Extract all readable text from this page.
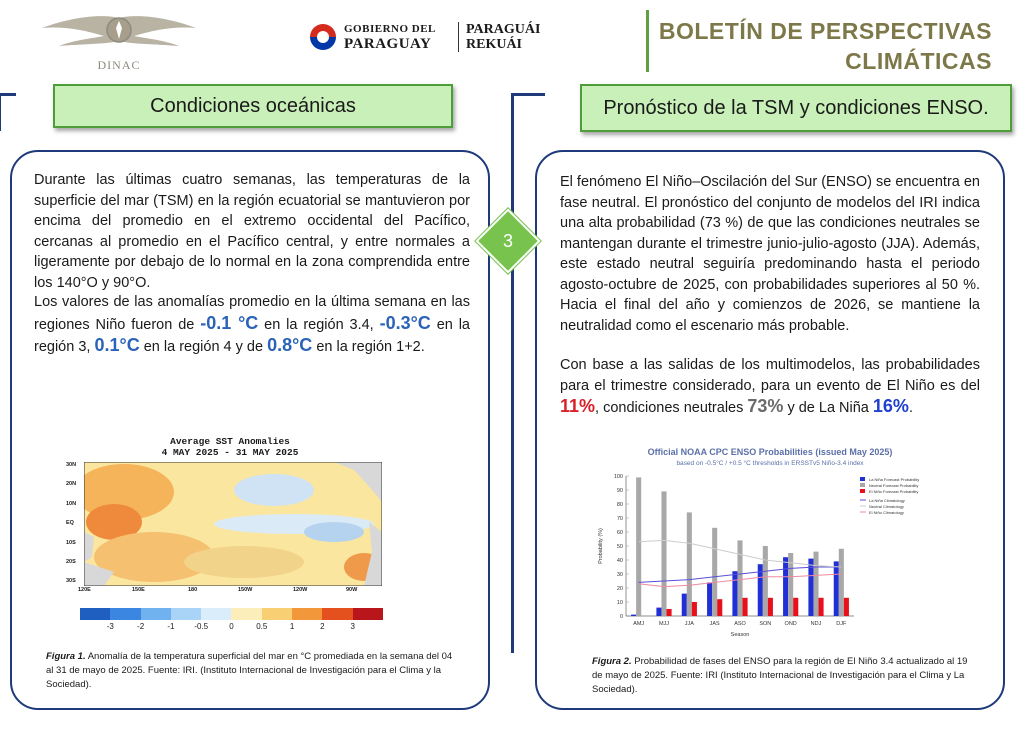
DINAC
GOBIERNO DEL
PARAGUAY
PARAGUÁI
REKUÁI
BOLETÍN DE PERSPECTIVAS
CLIMÁTICAS
Condiciones oceánicas	Pronóstico de la TSM y condiciones ENSO.
3
Durante las últimas cuatro semanas, las temperaturas de la superficie del mar (TSM) en la región ecuatorial se mantuvieron por encima del promedio en el extremo occidental del Pacífico, cercanas al promedio en el Pacífico central, y entre normales a ligeramente por debajo de lo normal en la zona comprendida entre los 140°O y 90°O.
Los valores de las anomalías promedio en la última semana en las regiones Niño fueron de -0.1 °C en la región 3.4, -0.3°C en la región 3, 0.1°C en la región 4 y de 0.8°C en la región 1+2.
Average SST Anomalies
4 MAY 2025 - 31 MAY 2025
30N
20N
10N
EQ
10S
20S
30S
120E	150E	180	150W	120W	90W
-3	-2	-1 -0.5	0	0.5	1	2	3
Figura 1. Anomalía de la temperatura superficial del mar en °C promediada en la semana del 04 al 31 de mayo de 2025. Fuente: IRI. (Instituto Internacional de Investigación para el Clima y la Sociedad).
El fenómeno El Niño–Oscilación del Sur (ENSO) se encuentra en fase neutral. El pronóstico del conjunto de modelos del IRI indica una alta probabilidad (73 %) de que las condiciones neutrales se mantengan durante el trimestre junio-julio-agosto (JJA). Además, este estado neutral seguiría predominando hasta el periodo agosto-octubre de 2025, con probabilidades superiores al 50 %. Hacia el final del año y comienzos de 2026, se mantiene la neutralidad como el escenario más probable.
Con base a las salidas de los multimodelos, las probabilidades para el trimestre considerado, para un evento de El Niño es del 11%, condiciones neutrales 73% y de La Niña 16%.
Official NOAA CPC ENSO Probabilities (issued May 2025)
based on -0.5°C / +0.5 °C thresholds in ERSSTv5 Niño-3.4 index
0
10
20
30
40
50
60
70
80
90
100
Probability (%)
Season
AMJ	MJJ	JJA	JAS	ASO SON OND	NDJ	DJF
La Niña Forecast Probability
Neutral Forecast Probability
El Niño Forecast Probability
La Niña Climatology
Neutral Climatology
El Niño Climatology
Figura 2. Probabilidad de fases del ENSO para la región de El Niño 3.4 actualizado al 19 de mayo de 2025. Fuente: IRI (Instituto Internacional de Investigación para el Clima y La Sociedad).
